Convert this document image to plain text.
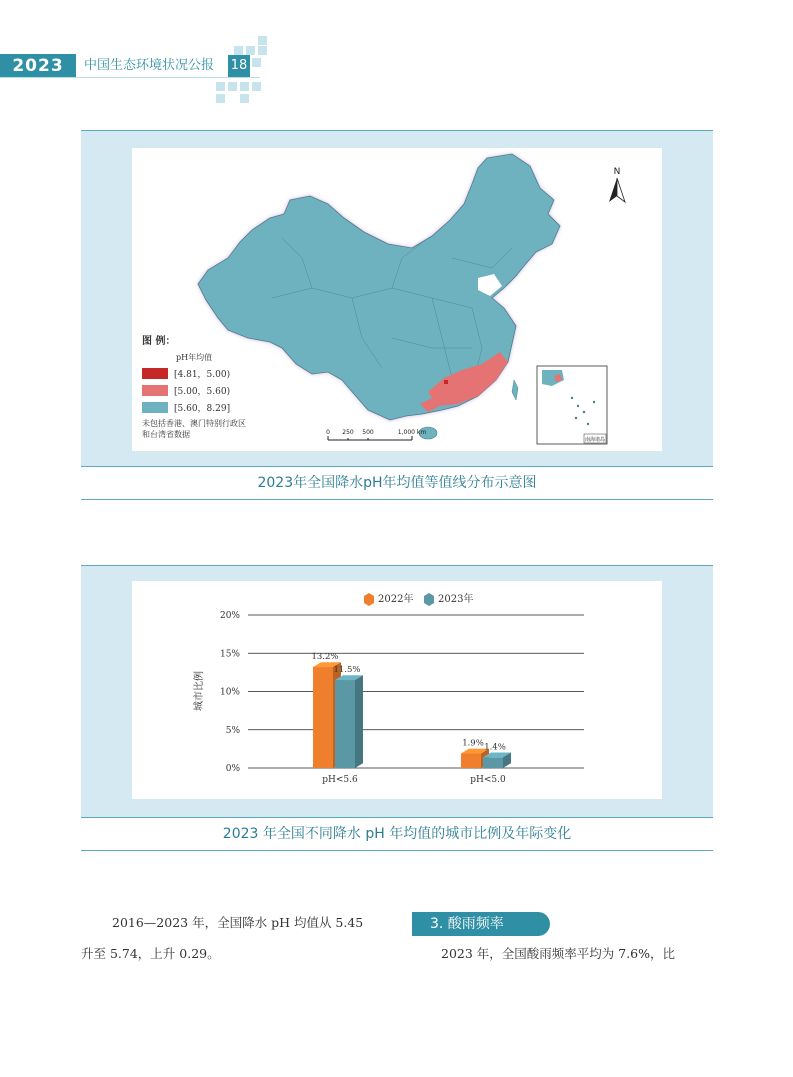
2023	中国生态环境状况公报 18
N
0 250 500	1,000 km
南海诸岛
图 例：
pH年均值
[4.81，5.00)
[5.00，5.60)
[5.60，8.29]
未包括香港、澳门特别行政区
和台湾省数据
2023年全国降水pH年均值等值线分布示意图
0%
5%
10%
15%
20%
城市比例
2022年 2023年
13.2%
11.5%
pH<5.6
1.9% 1.4%
pH<5.0
2023 年全国不同降水 pH 年均值的城市比例及年际变化
2016—2023 年，全国降水 pH 均值从 5.45
升至 5.74，上升 0.29。
3. 酸雨频率
2023 年，全国酸雨频率平均为 7.6%，比
